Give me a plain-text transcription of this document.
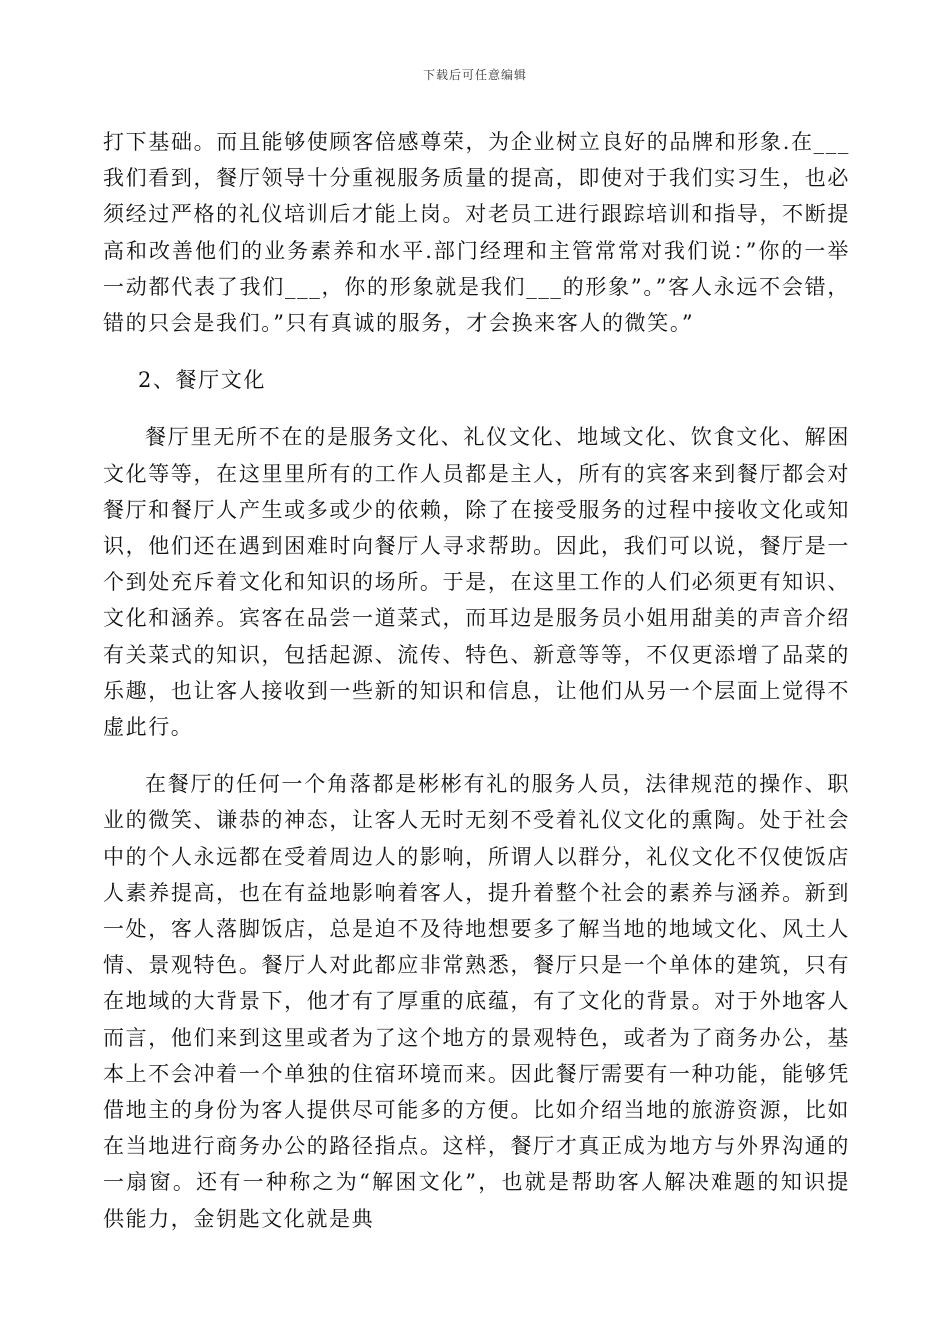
下载后可任意编辑

打下基础。而且能够使顾客倍感尊荣，为企业树立良好的品牌和形象.在___我们看到，餐厅领导十分重视服务质量的提高，即使对于我们实习生，也必须经过严格的礼仪培训后才能上岗。对老员工进行跟踪培训和指导，不断提高和改善他们的业务素养和水平.部门经理和主管常常对我们说：”你的一举一动都代表了我们___，你的形象就是我们___的形象”。”客人永远不会错，错的只会是我们。”只有真诚的服务，才会换来客人的微笑。”

2、餐厅文化

餐厅里无所不在的是服务文化、礼仪文化、地域文化、饮食文化、解困文化等等，在这里里所有的工作人员都是主人，所有的宾客来到餐厅都会对餐厅和餐厅人产生或多或少的依赖，除了在接受服务的过程中接收文化或知识，他们还在遇到困难时向餐厅人寻求帮助。因此，我们可以说，餐厅是一个到处充斥着文化和知识的场所。于是，在这里工作的人们必须更有知识、文化和涵养。宾客在品尝一道菜式，而耳边是服务员小姐用甜美的声音介绍有关菜式的知识，包括起源、流传、特色、新意等等，不仅更添增了品菜的乐趣，也让客人接收到一些新的知识和信息，让他们从另一个层面上觉得不虚此行。

在餐厅的任何一个角落都是彬彬有礼的服务人员，法律规范的操作、职业的微笑、谦恭的神态，让客人无时无刻不受着礼仪文化的熏陶。处于社会中的个人永远都在受着周边人的影响，所谓人以群分，礼仪文化不仅使饭店人素养提高，也在有益地影响着客人，提升着整个社会的素养与涵养。新到一处，客人落脚饭店，总是迫不及待地想要多了解当地的地域文化、风土人情、景观特色。餐厅人对此都应非常熟悉，餐厅只是一个单体的建筑，只有在地域的大背景下，他才有了厚重的底蕴，有了文化的背景。对于外地客人而言，他们来到这里或者为了这个地方的景观特色，或者为了商务办公，基本上不会冲着一个单独的住宿环境而来。因此餐厅需要有一种功能，能够凭借地主的身份为客人提供尽可能多的方便。比如介绍当地的旅游资源，比如在当地进行商务办公的路径指点。这样，餐厅才真正成为地方与外界沟通的一扇窗。还有一种称之为“解困文化”，也就是帮助客人解决难题的知识提供能力，金钥匙文化就是典
